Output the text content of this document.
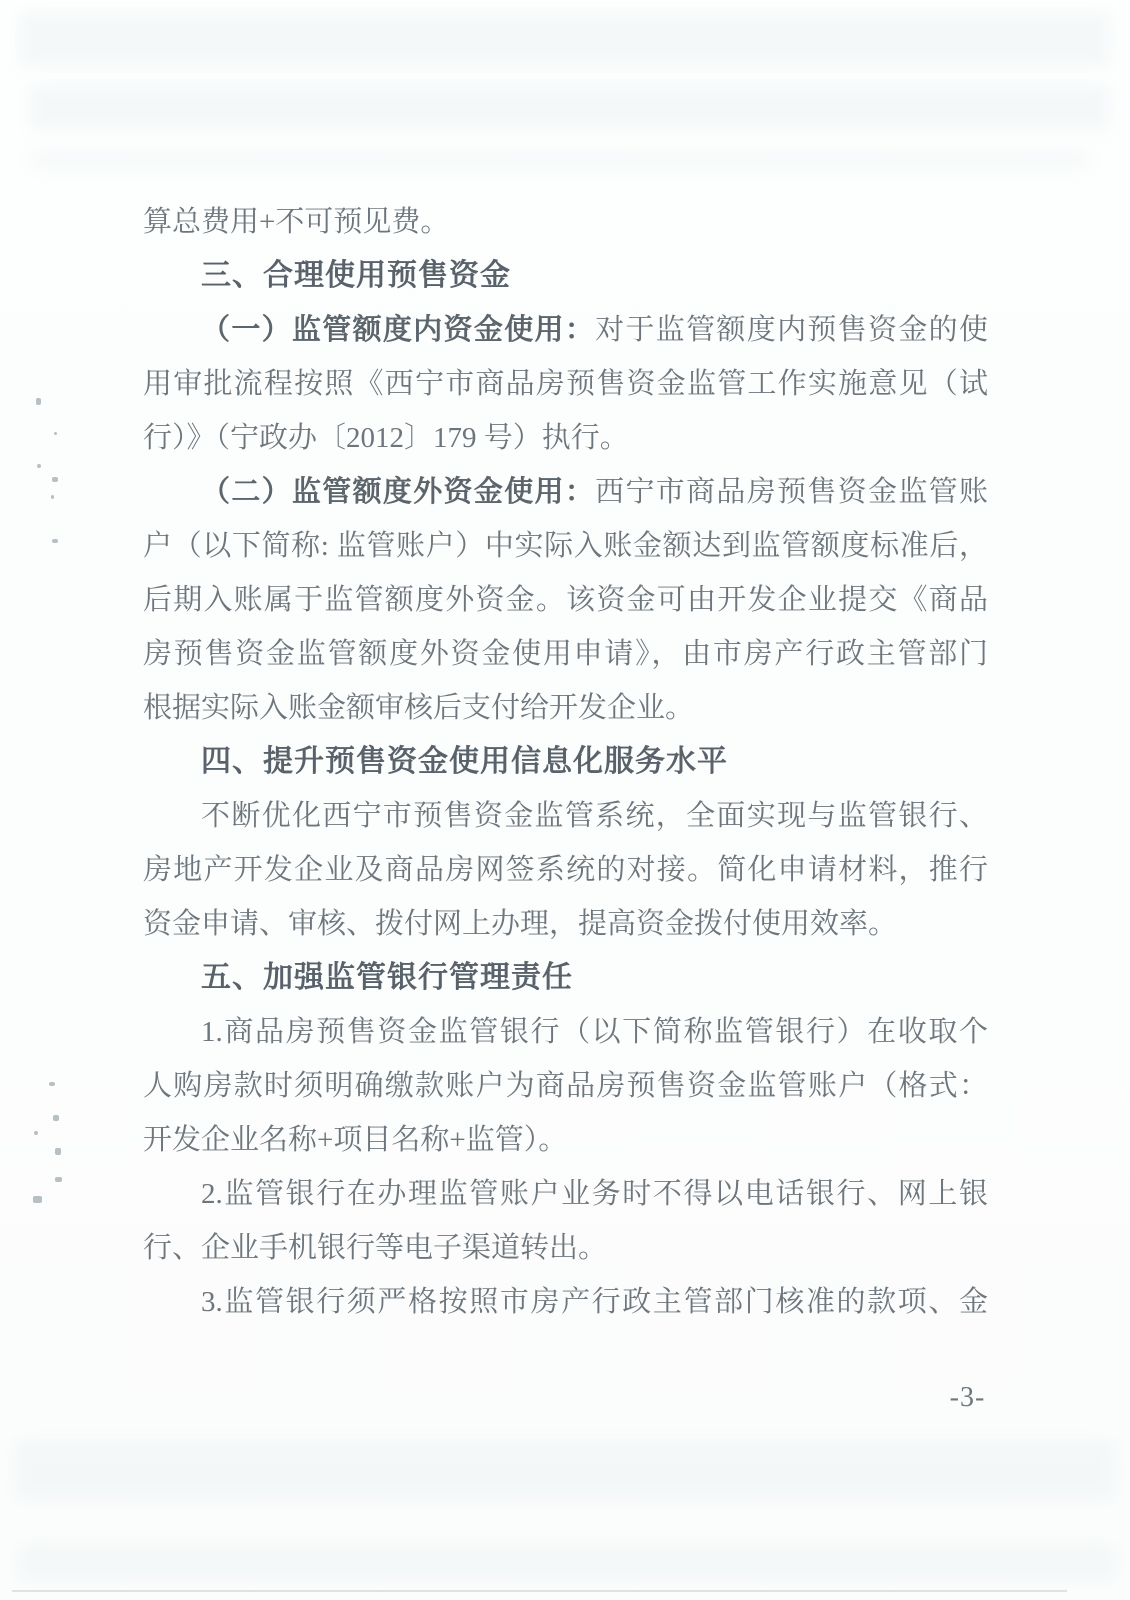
算总费用+不可预见费。
三、合理使用预售资金
（一）监管额度内资金使用：对于监管额度内预售资金的使
用审批流程按照《西宁市商品房预售资金监管工作实施意见（试
行）》（宁政办〔2012〕179 号）执行。
（二）监管额度外资金使用：西宁市商品房预售资金监管账
户（以下简称: 监管账户）中实际入账金额达到监管额度标准后，
后期入账属于监管额度外资金。该资金可由开发企业提交《商品
房预售资金监管额度外资金使用申请》，由市房产行政主管部门
根据实际入账金额审核后支付给开发企业。
四、提升预售资金使用信息化服务水平
不断优化西宁市预售资金监管系统，全面实现与监管银行、
房地产开发企业及商品房网签系统的对接。简化申请材料，推行
资金申请、审核、拨付网上办理，提高资金拨付使用效率。
五、加强监管银行管理责任
1.商品房预售资金监管银行（以下简称监管银行）在收取个
人购房款时须明确缴款账户为商品房预售资金监管账户（格式：
开发企业名称+项目名称+监管）。
2.监管银行在办理监管账户业务时不得以电话银行、网上银
行、企业手机银行等电子渠道转出。
3.监管银行须严格按照市房产行政主管部门核准的款项、金
-3-
